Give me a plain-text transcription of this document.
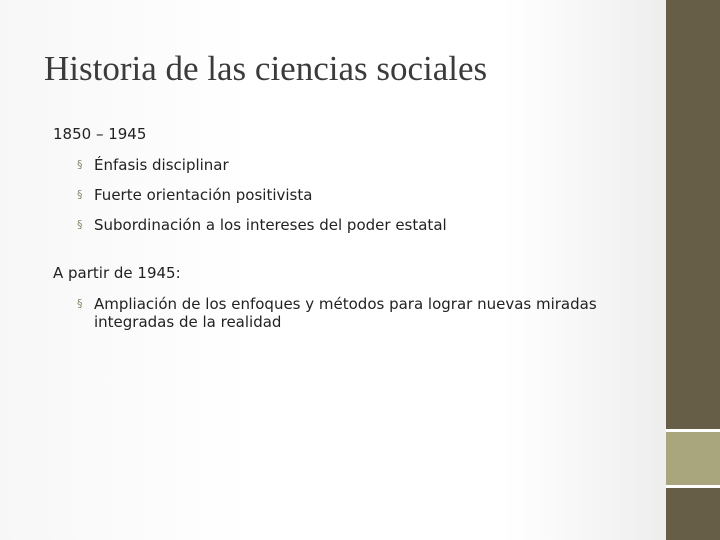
Historia de las ciencias sociales

1850 – 1945

§ Énfasis disciplinar
§ Fuerte orientación positivista
§ Subordinación a los intereses del poder estatal

A partir de 1945:

§ Ampliación de los enfoques y métodos para lograr nuevas miradas integradas de la realidad
